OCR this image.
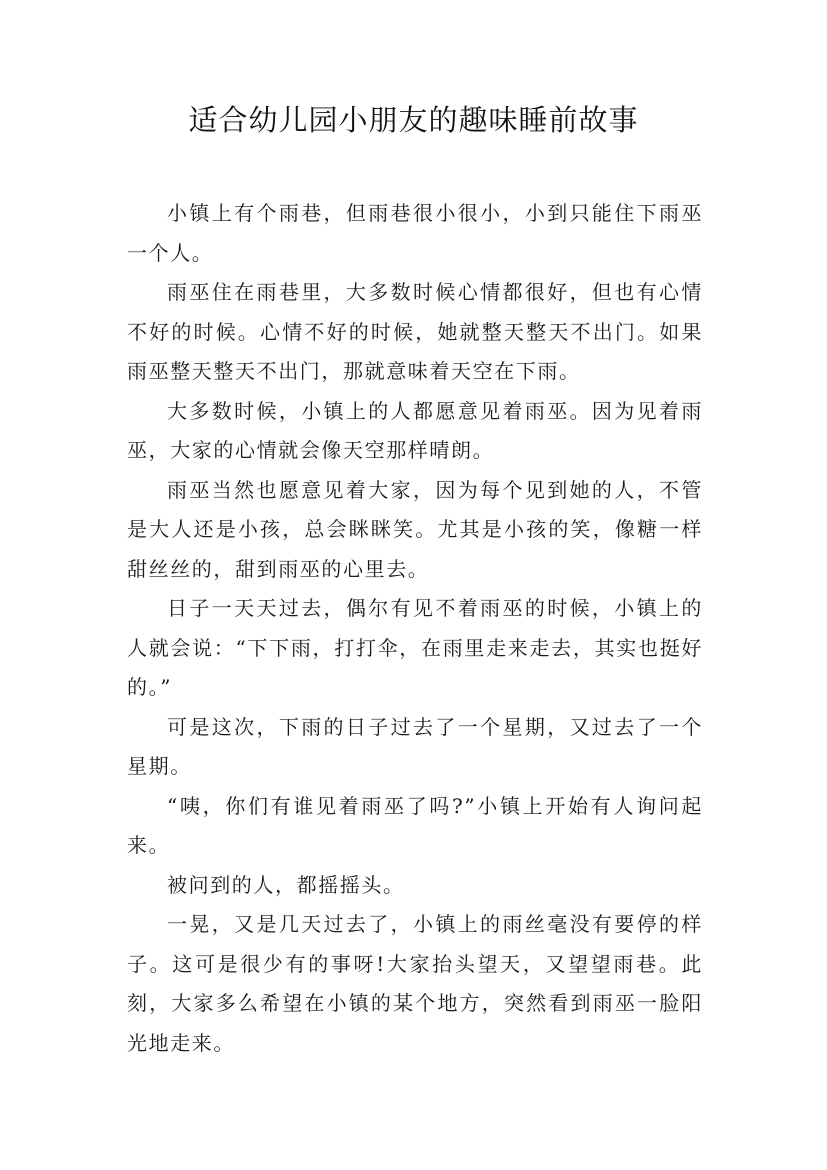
适合幼儿园小朋友的趣味睡前故事

小镇上有个雨巷，但雨巷很小很小，小到只能住下雨巫一个人。

雨巫住在雨巷里，大多数时候心情都很好，但也有心情不好的时候。心情不好的时候，她就整天整天不出门。如果雨巫整天整天不出门，那就意味着天空在下雨。

大多数时候，小镇上的人都愿意见着雨巫。因为见着雨巫，大家的心情就会像天空那样晴朗。

雨巫当然也愿意见着大家，因为每个见到她的人，不管是大人还是小孩，总会眯眯笑。尤其是小孩的笑，像糖一样甜丝丝的，甜到雨巫的心里去。

日子一天天过去，偶尔有见不着雨巫的时候，小镇上的人就会说：“下下雨，打打伞，在雨里走来走去，其实也挺好的。”

可是这次，下雨的日子过去了一个星期，又过去了一个星期。

“咦，你们有谁见着雨巫了吗?”小镇上开始有人询问起来。

被问到的人，都摇摇头。

一晃，又是几天过去了，小镇上的雨丝毫没有要停的样子。这可是很少有的事呀!大家抬头望天，又望望雨巷。此刻，大家多么希望在小镇的某个地方，突然看到雨巫一脸阳光地走来。
